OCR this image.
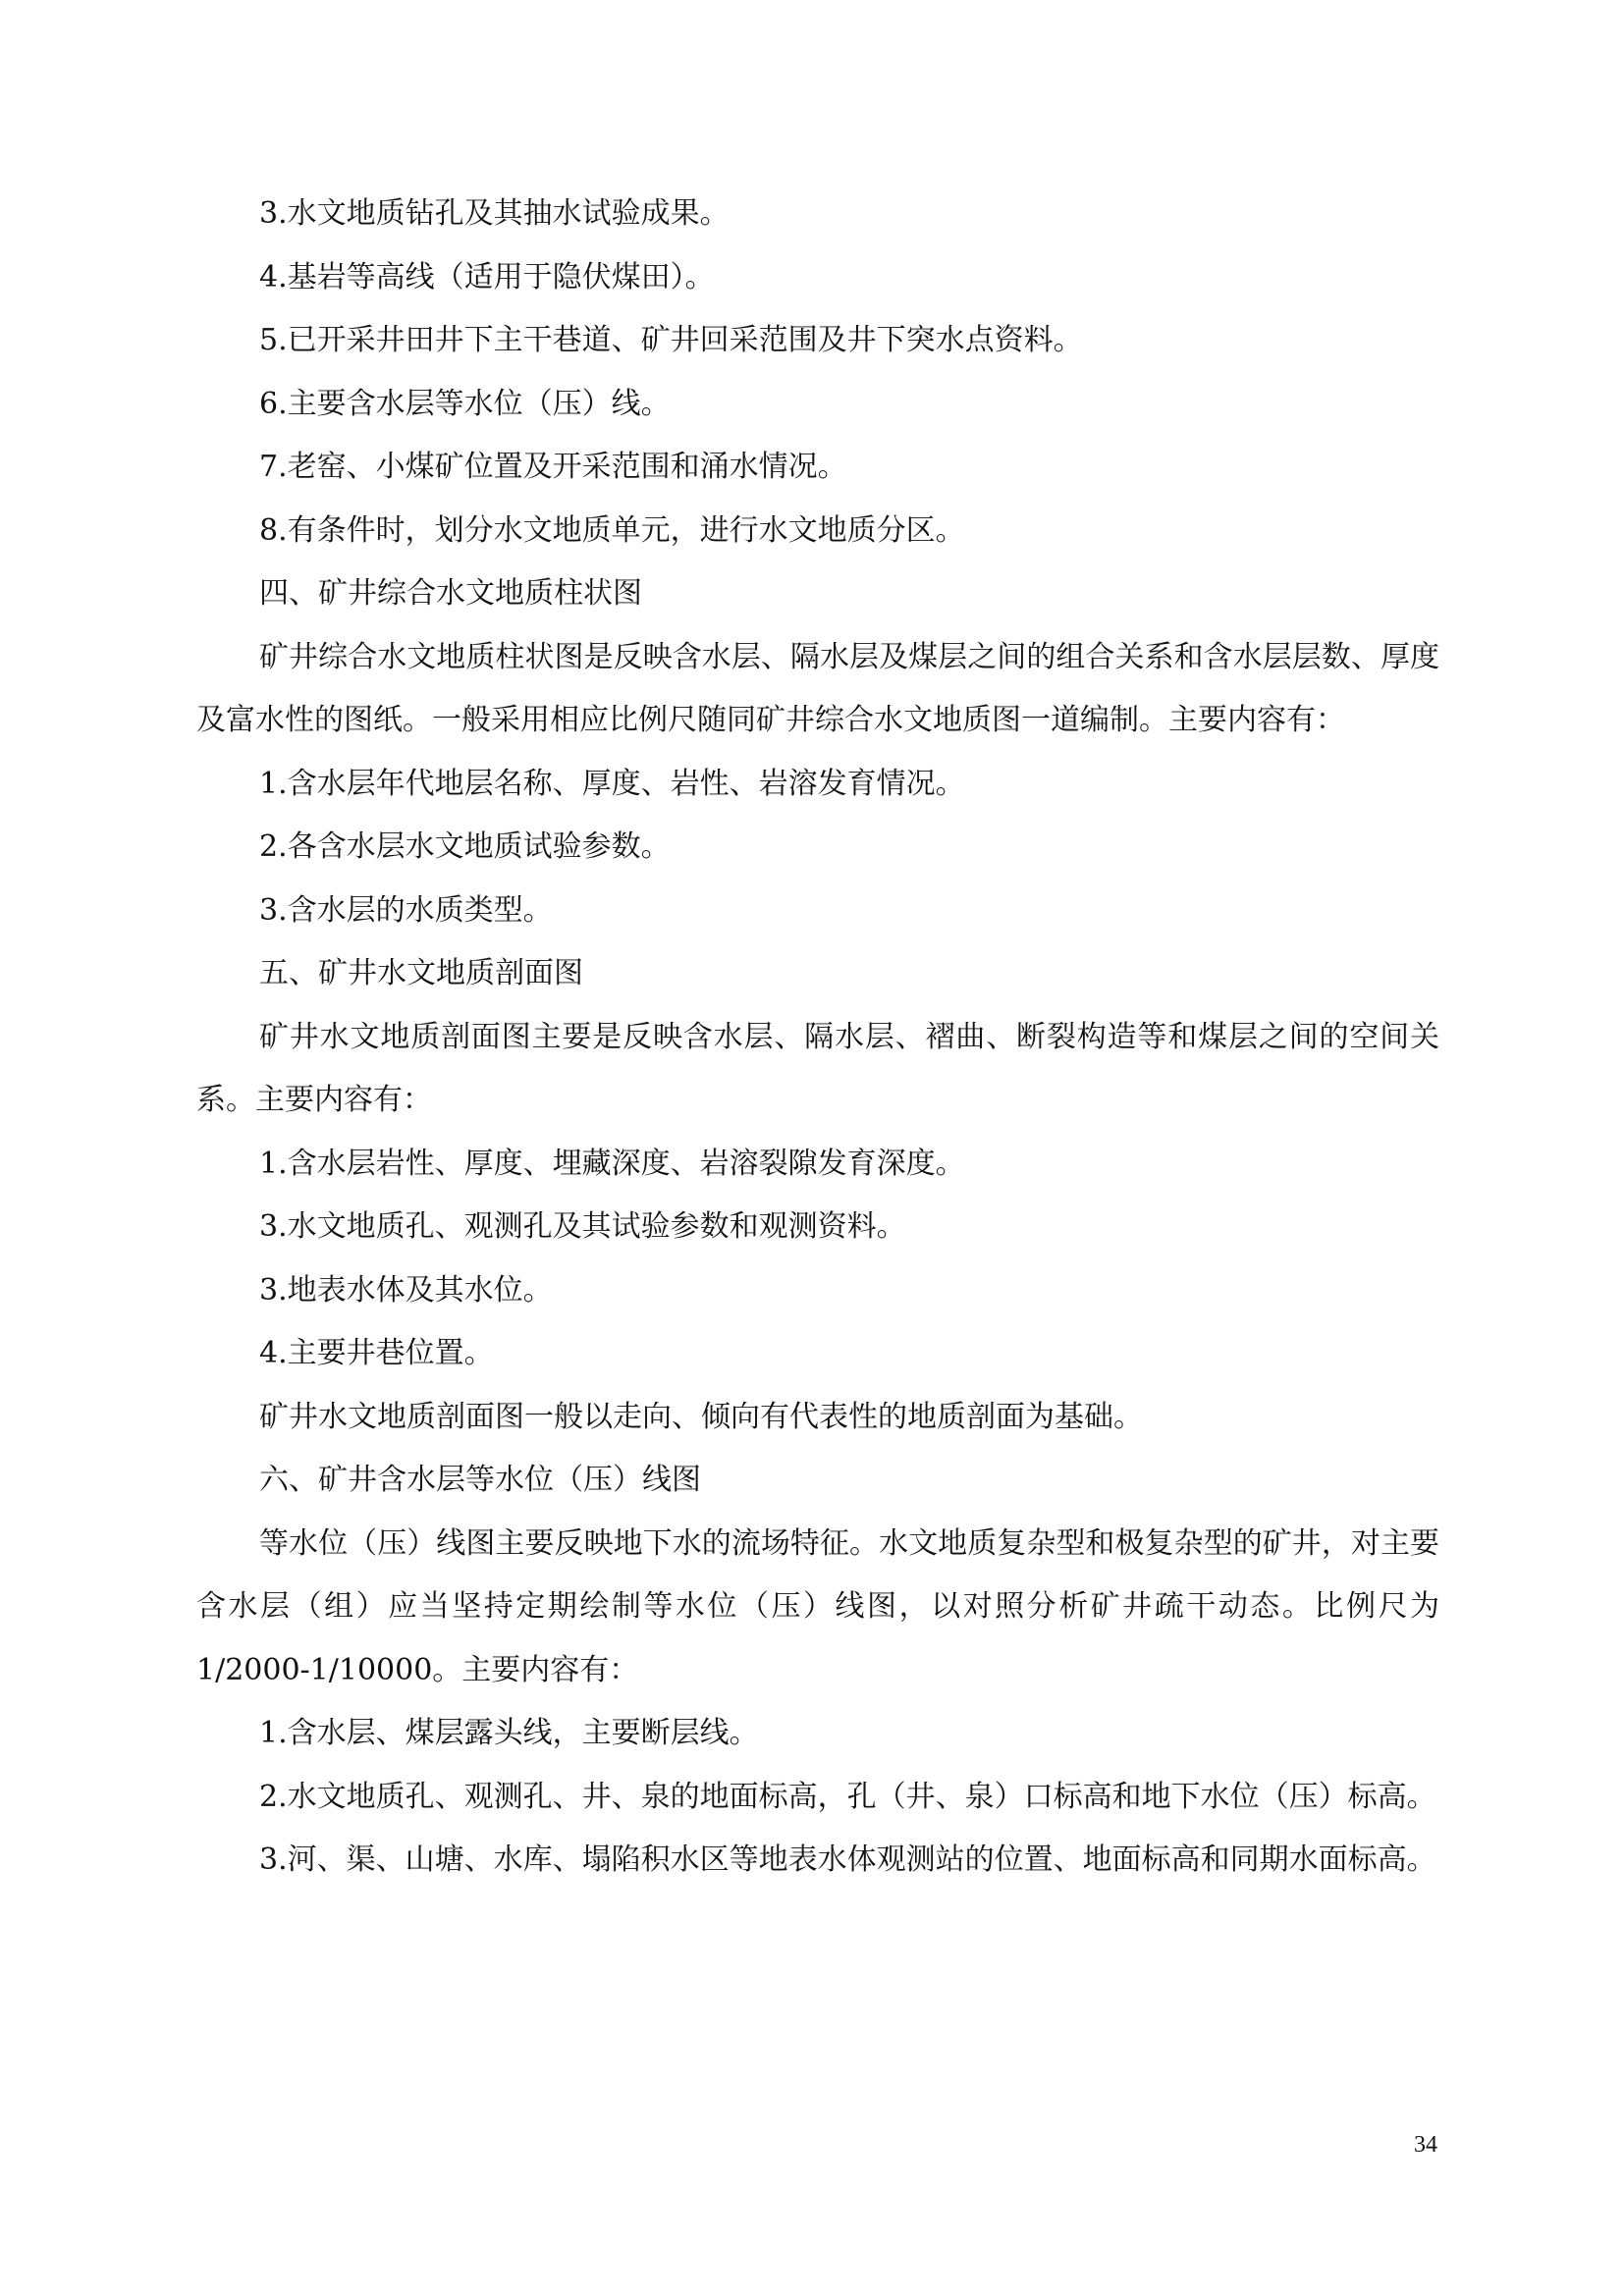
3.水文地质钻孔及其抽水试验成果。

4.基岩等高线（适用于隐伏煤田）。

5.已开采井田井下主干巷道、矿井回采范围及井下突水点资料。

6.主要含水层等水位（压）线。

7.老窑、小煤矿位置及开采范围和涌水情况。

8.有条件时，划分水文地质单元，进行水文地质分区。

四、矿井综合水文地质柱状图

矿井综合水文地质柱状图是反映含水层、隔水层及煤层之间的组合关系和含水层层数、厚度及富水性的图纸。一般采用相应比例尺随同矿井综合水文地质图一道编制。主要内容有：

1.含水层年代地层名称、厚度、岩性、岩溶发育情况。

2.各含水层水文地质试验参数。

3.含水层的水质类型。

五、矿井水文地质剖面图

矿井水文地质剖面图主要是反映含水层、隔水层、褶曲、断裂构造等和煤层之间的空间关系。主要内容有：

1.含水层岩性、厚度、埋藏深度、岩溶裂隙发育深度。

3.水文地质孔、观测孔及其试验参数和观测资料。

3.地表水体及其水位。

4.主要井巷位置。

矿井水文地质剖面图一般以走向、倾向有代表性的地质剖面为基础。

六、矿井含水层等水位（压）线图

等水位（压）线图主要反映地下水的流场特征。水文地质复杂型和极复杂型的矿井，对主要含水层（组）应当坚持定期绘制等水位（压）线图，以对照分析矿井疏干动态。比例尺为1/2000-1/10000。主要内容有：

1.含水层、煤层露头线，主要断层线。

2.水文地质孔、观测孔、井、泉的地面标高，孔（井、泉）口标高和地下水位（压）标高。

3.河、渠、山塘、水库、塌陷积水区等地表水体观测站的位置、地面标高和同期水面标高。

34
